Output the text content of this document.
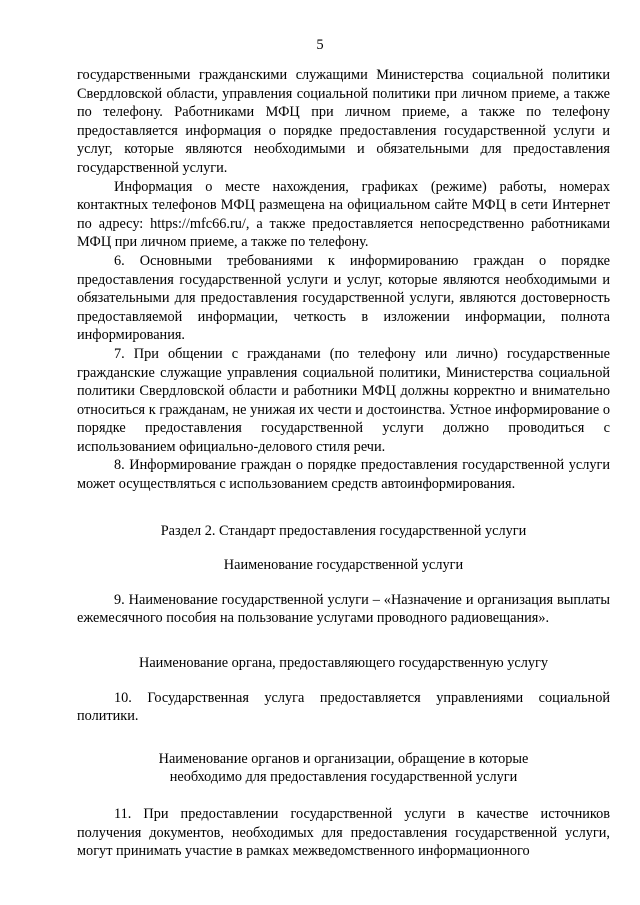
5

государственными гражданскими служащими Министерства социальной политики Свердловской области, управления социальной политики при личном приеме, а также по телефону. Работниками МФЦ при личном приеме, а также по телефону предоставляется информация о порядке предоставления государственной услуги и услуг, которые являются необходимыми и обязательными для предоставления государственной услуги.

Информация о месте нахождения, графиках (режиме) работы, номерах контактных телефонов МФЦ размещена на официальном сайте МФЦ в сети Интернет по адресу: https://mfc66.ru/, а также предоставляется непосредственно работниками МФЦ при личном приеме, а также по телефону.

6. Основными требованиями к информированию граждан о порядке предоставления государственной услуги и услуг, которые являются необходимыми и обязательными для предоставления государственной услуги, являются достоверность предоставляемой информации, четкость в изложении информации, полнота информирования.

7. При общении с гражданами (по телефону или лично) государственные гражданские служащие управления социальной политики, Министерства социальной политики Свердловской области и работники МФЦ должны корректно и внимательно относиться к гражданам, не унижая их чести и достоинства. Устное информирование о порядке предоставления государственной услуги должно проводиться с использованием официально-делового стиля речи.

8. Информирование граждан о порядке предоставления государственной услуги может осуществляться с использованием средств автоинформирования.

Раздел 2. Стандарт предоставления государственной услуги

Наименование государственной услуги

9. Наименование государственной услуги – «Назначение и организация выплаты ежемесячного пособия на пользование услугами проводного радиовещания».

Наименование органа, предоставляющего государственную услугу

10. Государственная услуга предоставляется управлениями социальной политики.

Наименование органов и организации, обращение в которые
необходимо для предоставления государственной услуги

11. При предоставлении государственной услуги в качестве источников получения документов, необходимых для предоставления государственной услуги, могут принимать участие в рамках межведомственного информационного
